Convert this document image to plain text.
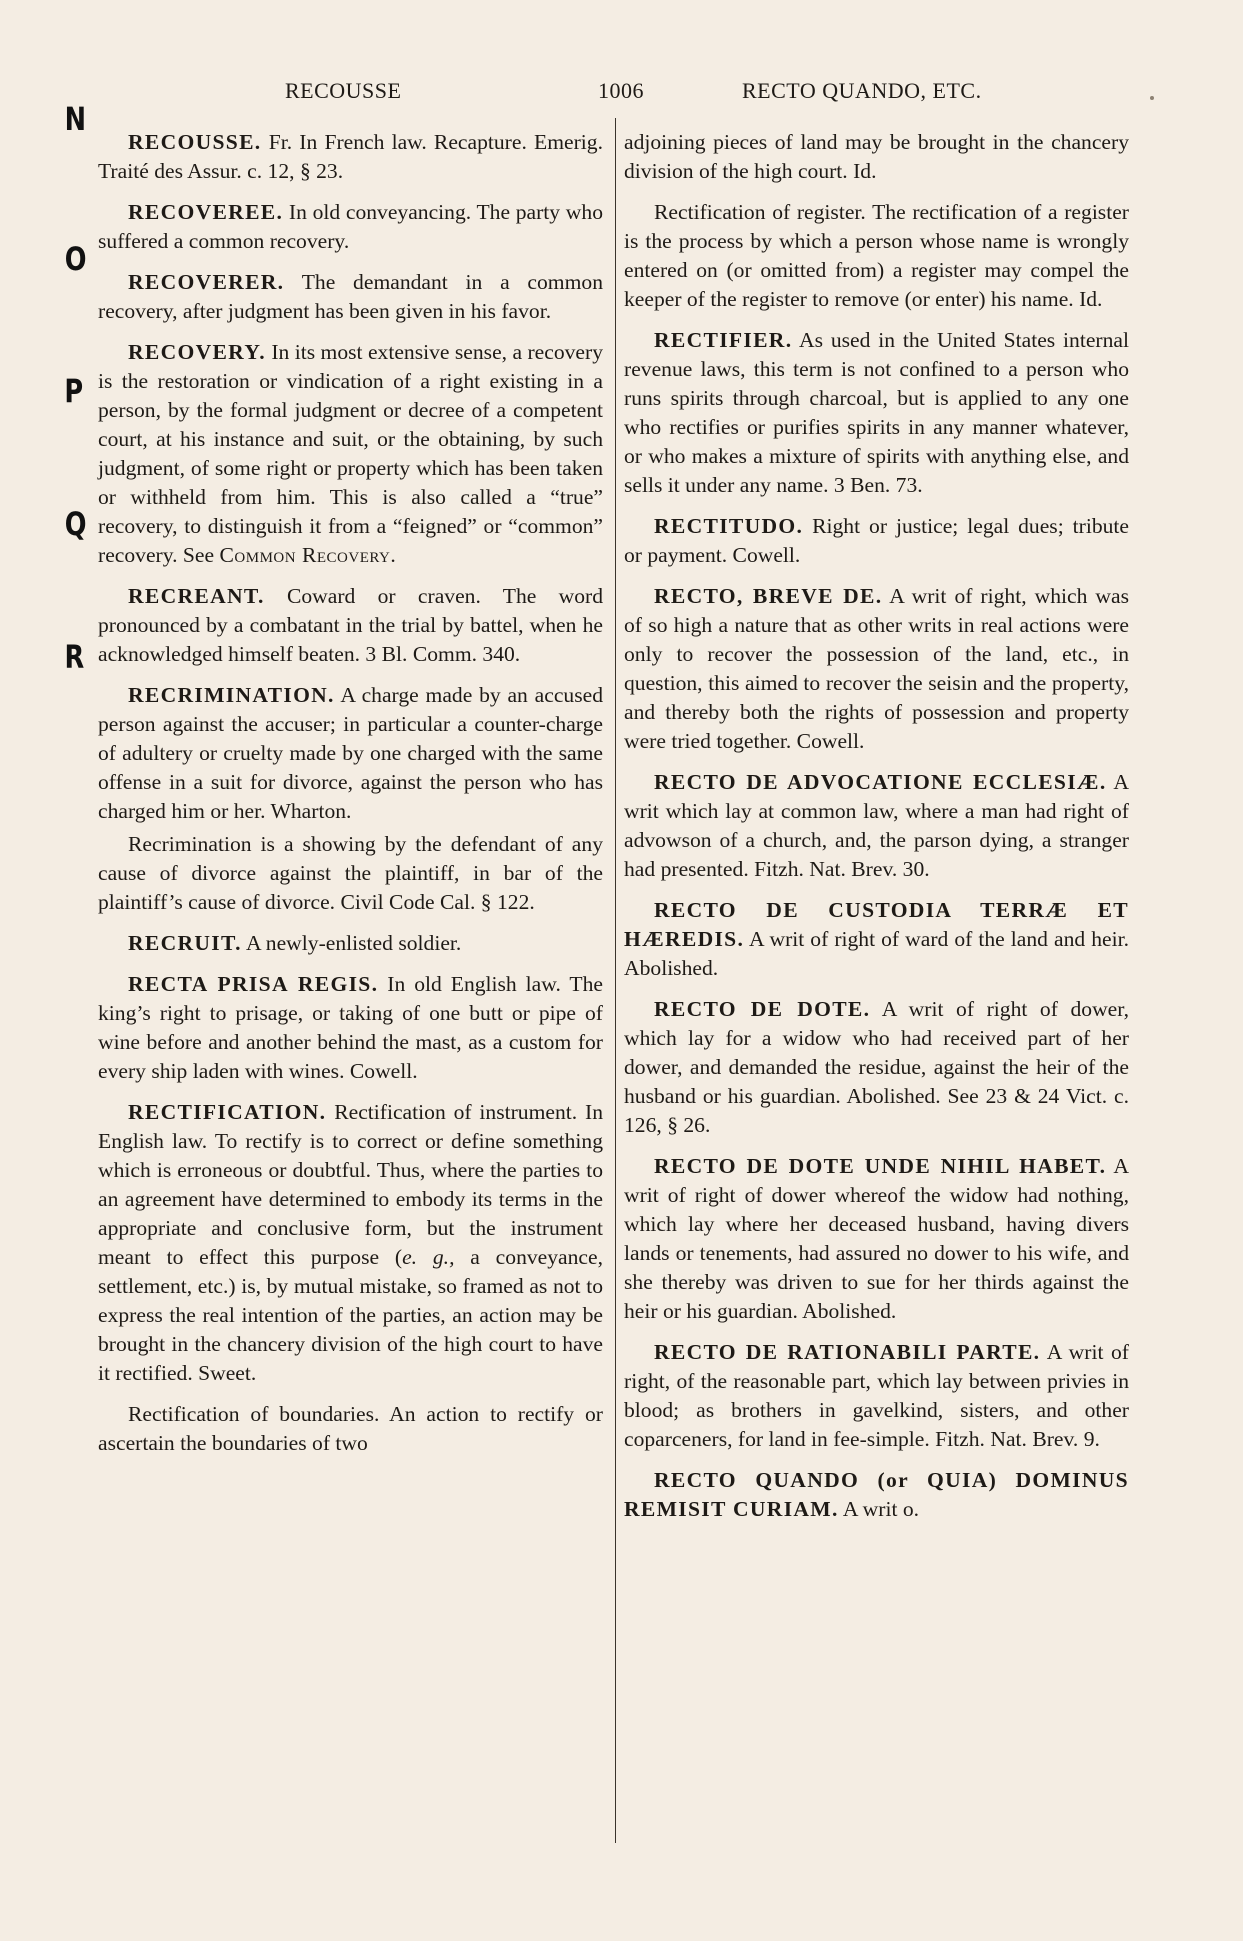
RECOUSSE	1006	RECTO QUANDO, ETC.
N
O
P
Q
R

RECOUSSE. Fr. In French law. Recapture. Emerig. Traité des Assur. c. 12, § 23.

RECOVEREE. In old conveyancing. The party who suffered a common recovery.

RECOVERER. The demandant in a common recovery, after judgment has been given in his favor.

RECOVERY. In its most extensive sense, a recovery is the restoration or vindication of a right existing in a person, by the formal judgment or decree of a competent court, at his instance and suit, or the obtaining, by such judgment, of some right or property which has been taken or withheld from him. This is also called a “true” recovery, to distinguish it from a “feigned” or “common” recovery. See Common Recovery.

RECREANT. Coward or craven. The word pronounced by a combatant in the trial by battel, when he acknowledged himself beaten. 3 Bl. Comm. 340.

RECRIMINATION. A charge made by an accused person against the accuser; in particular a counter-charge of adultery or cruelty made by one charged with the same offense in a suit for divorce, against the person who has charged him or her. Wharton.

Recrimination is a showing by the defendant of any cause of divorce against the plaintiff, in bar of the plaintiff’s cause of divorce. Civil Code Cal. § 122.

RECRUIT. A newly-enlisted soldier.

RECTA PRISA REGIS. In old English law. The king’s right to prisage, or taking of one butt or pipe of wine before and another behind the mast, as a custom for every ship laden with wines. Cowell.

RECTIFICATION. Rectification of instrument. In English law. To rectify is to correct or define something which is erroneous or doubtful. Thus, where the parties to an agreement have determined to embody its terms in the appropriate and conclusive form, but the instrument meant to effect this purpose (e. g., a conveyance, settlement, etc.) is, by mutual mistake, so framed as not to express the real intention of the parties, an action may be brought in the chancery division of the high court to have it rectified. Sweet.

Rectification of boundaries. An action to rectify or ascertain the boundaries of two

adjoining pieces of land may be brought in the chancery division of the high court. Id.

Rectification of register. The rectification of a register is the process by which a person whose name is wrongly entered on (or omitted from) a register may compel the keeper of the register to remove (or enter) his name. Id.

RECTIFIER. As used in the United States internal revenue laws, this term is not confined to a person who runs spirits through charcoal, but is applied to any one who rectifies or purifies spirits in any manner whatever, or who makes a mixture of spirits with anything else, and sells it under any name. 3 Ben. 73.

RECTITUDO. Right or justice; legal dues; tribute or payment. Cowell.

RECTO, BREVE DE. A writ of right, which was of so high a nature that as other writs in real actions were only to recover the possession of the land, etc., in question, this aimed to recover the seisin and the property, and thereby both the rights of possession and property were tried together. Cowell.

RECTO DE ADVOCATIONE ECCLESIÆ. A writ which lay at common law, where a man had right of advowson of a church, and, the parson dying, a stranger had presented. Fitzh. Nat. Brev. 30.

RECTO DE CUSTODIA TERRÆ ET HÆREDIS. A writ of right of ward of the land and heir. Abolished.

RECTO DE DOTE. A writ of right of dower, which lay for a widow who had received part of her dower, and demanded the residue, against the heir of the husband or his guardian. Abolished. See 23 & 24 Vict. c. 126, § 26.

RECTO DE DOTE UNDE NIHIL HABET. A writ of right of dower whereof the widow had nothing, which lay where her deceased husband, having divers lands or tenements, had assured no dower to his wife, and she thereby was driven to sue for her thirds against the heir or his guardian. Abolished.

RECTO DE RATIONABILI PARTE. A writ of right, of the reasonable part, which lay between privies in blood; as brothers in gavelkind, sisters, and other coparceners, for land in fee-simple. Fitzh. Nat. Brev. 9.

RECTO QUANDO (or QUIA) DOMINUS REMISIT CURIAM. A writ o.
